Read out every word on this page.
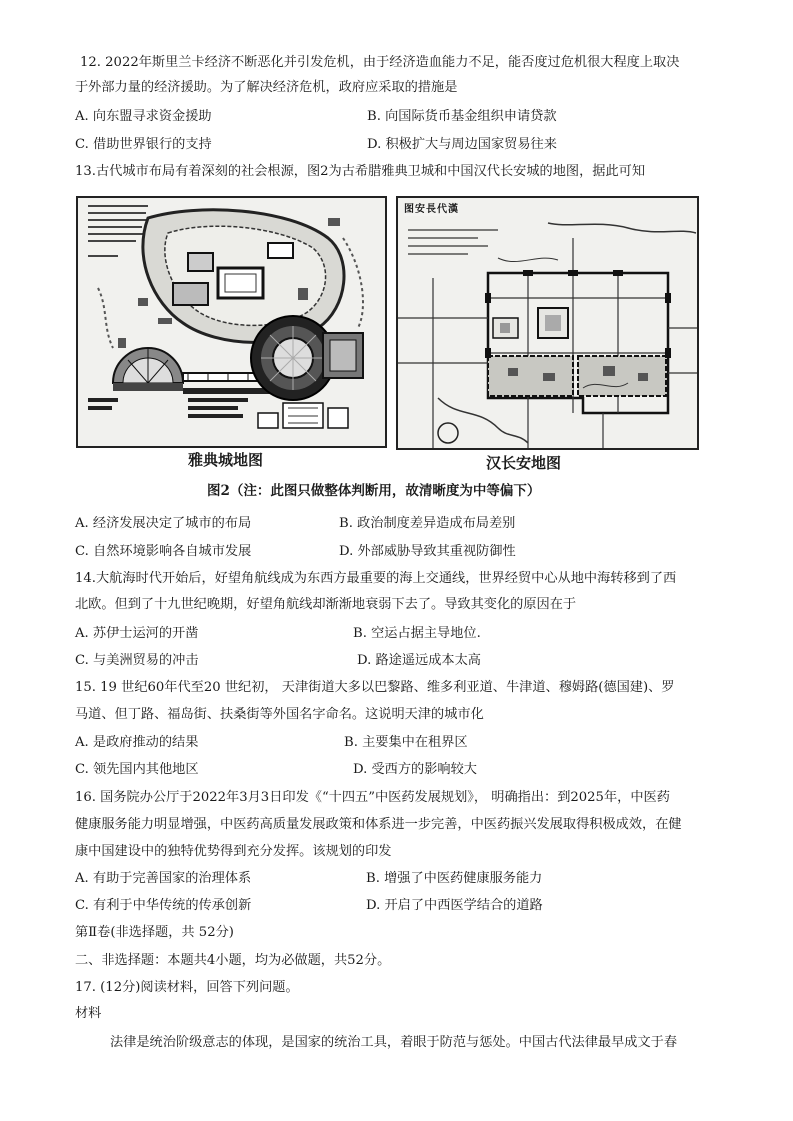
12. 2022年斯里兰卡经济不断恶化并引发危机，由于经济造血能力不足，能否度过危机很大程度上取决
于外部力量的经济援助。为了解决经济危机，政府应采取的措施是
A. 向东盟寻求资金援助	B. 向国际货币基金组织申请贷款
C. 借助世界银行的支持	D. 积极扩大与周边国家贸易往来
13.古代城市布局有着深刻的社会根源，图2为古希腊雅典卫城和中国汉代长安城的地图，据此可知
图安長代漢
雅典城地图	汉长安地图
图2（注：此图只做整体判断用，故清晰度为中等偏下）
A. 经济发展决定了城市的布局	B. 政治制度差异造成布局差别
C. 自然环境影响各自城市发展	D. 外部威胁导致其重视防御性
14.大航海时代开始后，好望角航线成为东西方最重要的海上交通线，世界经贸中心从地中海转移到了西
北欧。但到了十九世纪晚期，好望角航线却渐渐地衰弱下去了。导致其变化的原因在于
A. 苏伊士运河的开凿	B. 空运占据主导地位.
C. 与美洲贸易的冲击	D. 路途遥远成本太高
15. 19 世纪60年代至20 世纪初， 天津街道大多以巴黎路、维多利亚道、牛津道、穆姆路(德国建)、罗
马道、但丁路、福岛街、扶桑街等外国名字命名。这说明天津的城市化
A. 是政府推动的结果	B. 主要集中在租界区
C. 领先国内其他地区	D. 受西方的影响较大
16. 国务院办公厅于2022年3月3日印发《“十四五”中医药发展规划》， 明确指出：到2025年，中医药
健康服务能力明显增强，中医药高质量发展政策和体系进一步完善，中医药振兴发展取得积极成效，在健
康中国建设中的独特优势得到充分发挥。该规划的印发
A. 有助于完善国家的治理体系	B. 增强了中医药健康服务能力
C. 有利于中华传统的传承创新	D. 开启了中西医学结合的道路
第Ⅱ卷(非选择题，共 52分)
二、非选择题：本题共4小题，均为必做题，共52分。
17. (12分)阅读材料，回答下列问题。
材料
法律是统治阶级意志的体现，是国家的统治工具，着眼于防范与惩处。中国古代法律最早成文于春
